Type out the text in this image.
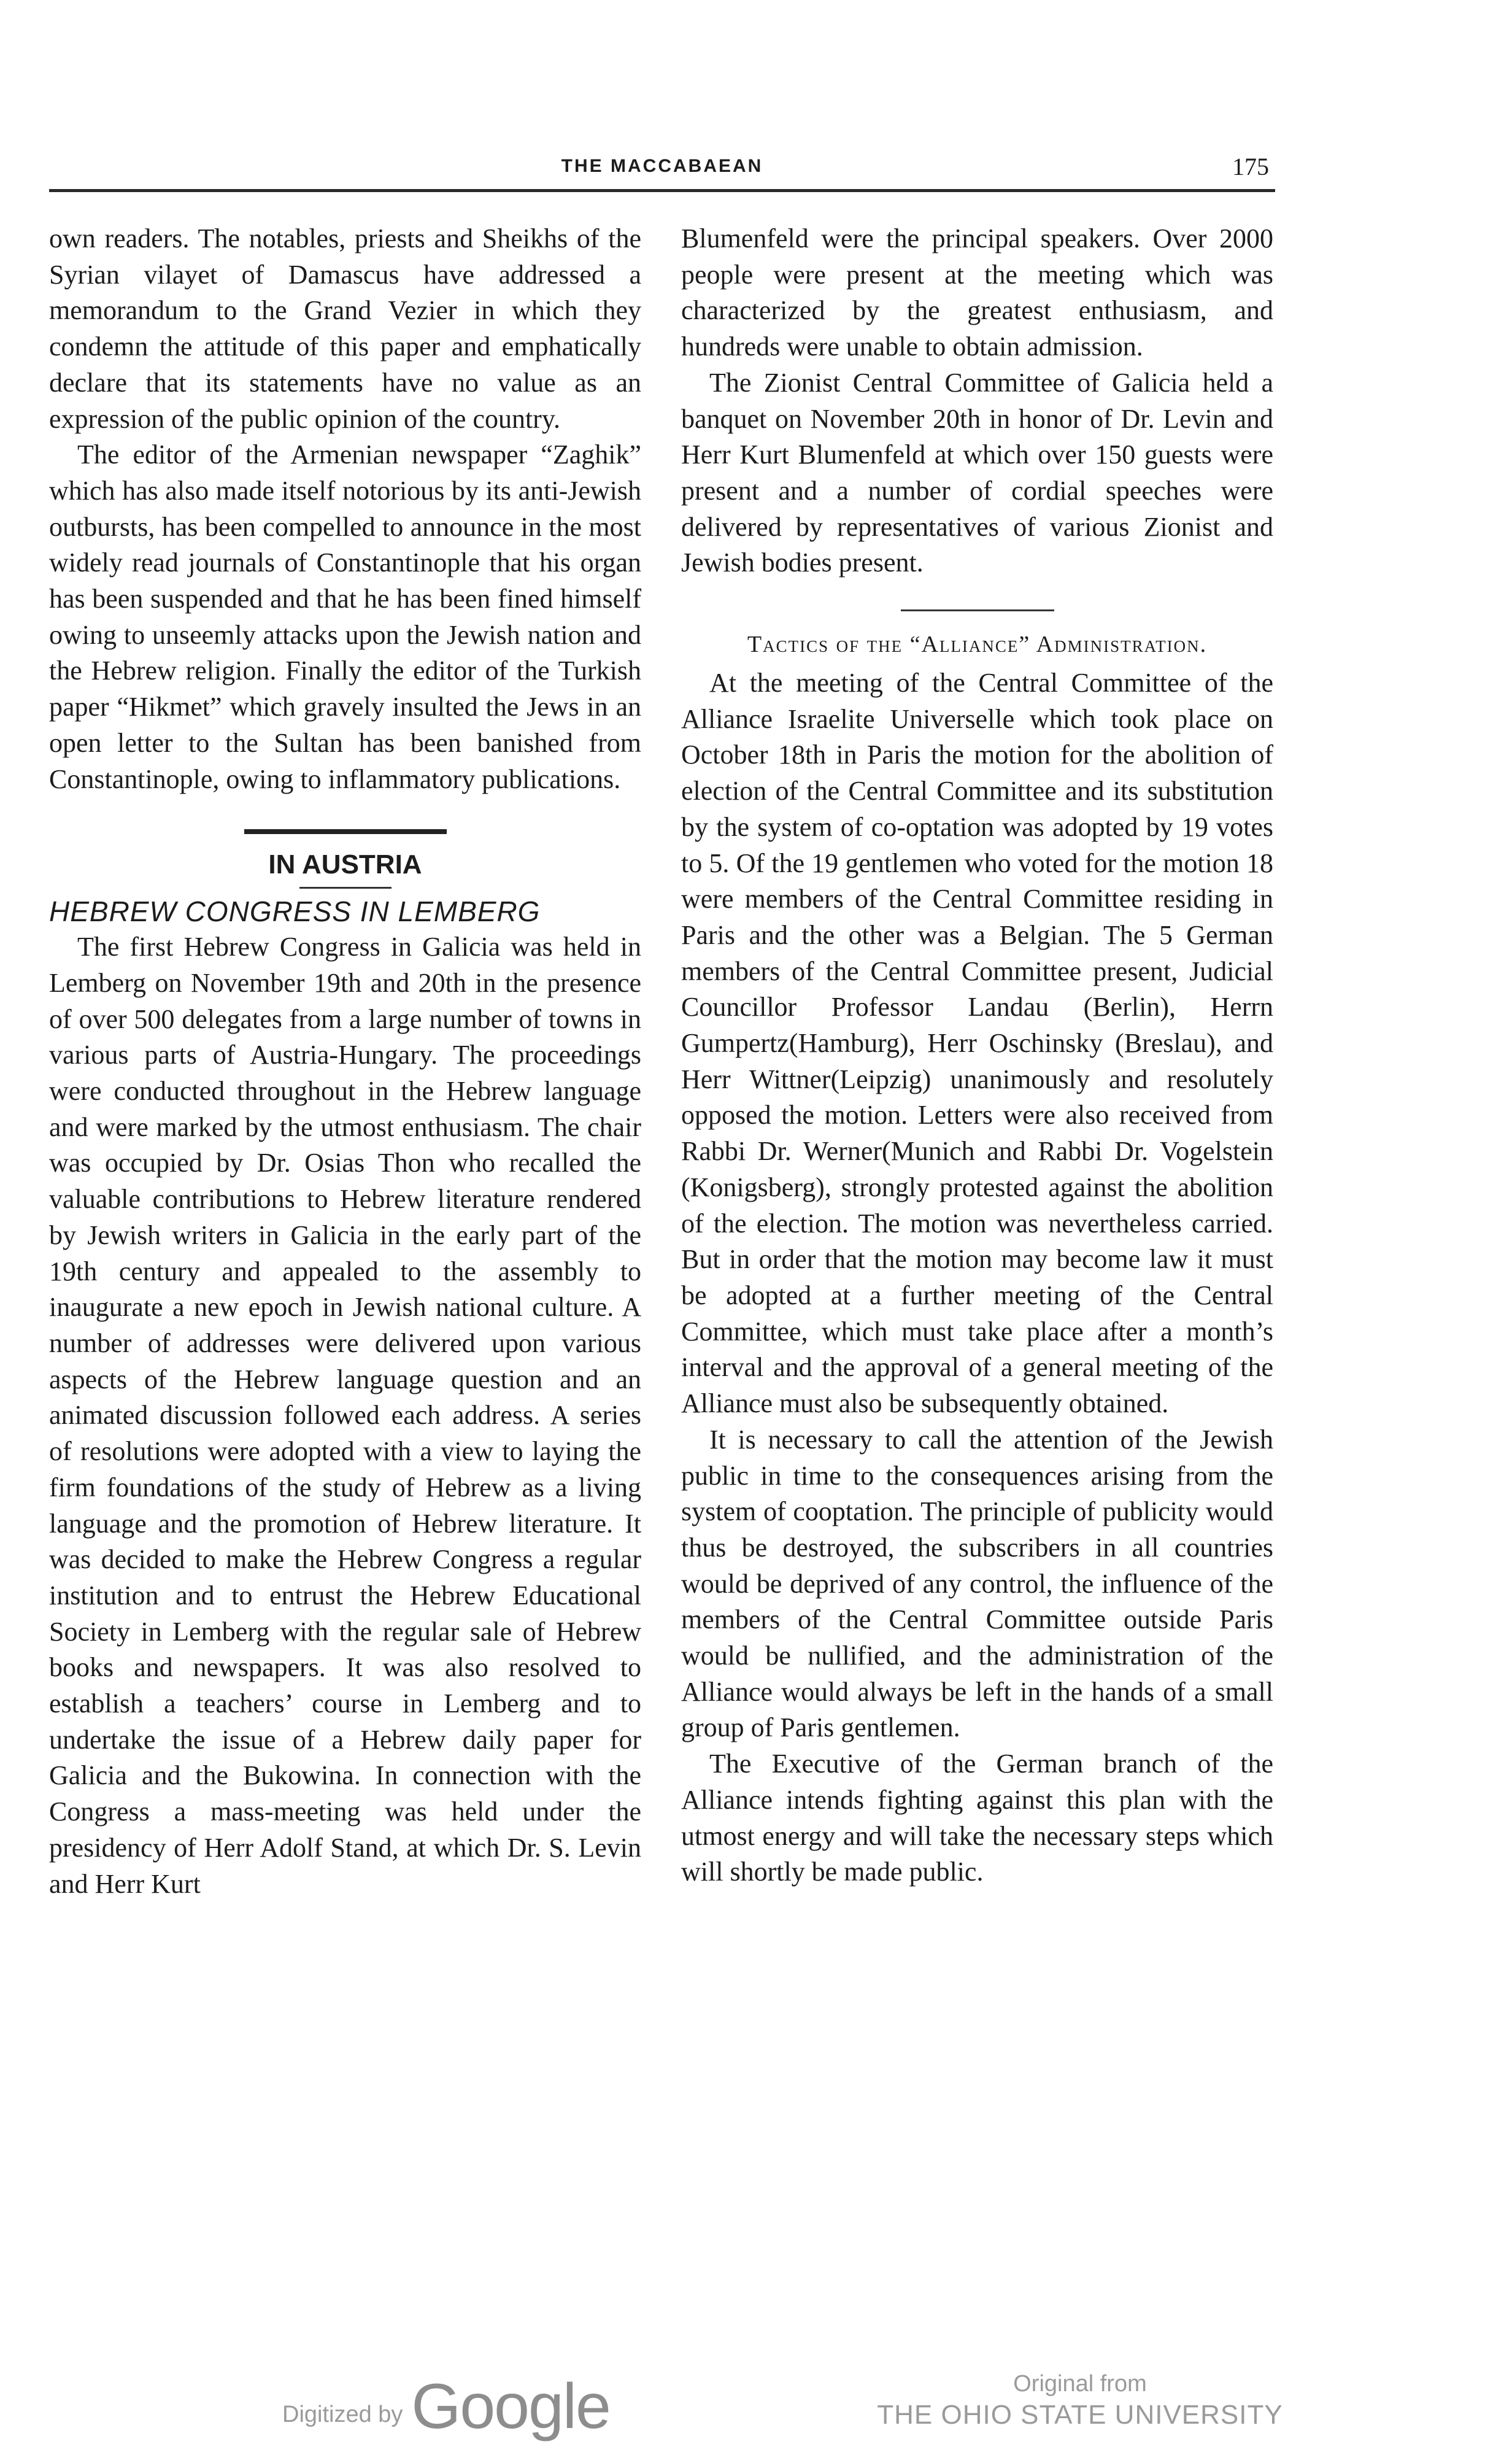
THE MACCABAEAN	175

own readers. The notables, priests and Sheikhs of the Syrian vilayet of Damascus have addressed a memorandum to the Grand Vezier in which they condemn the attitude of this paper and emphatically declare that its statements have no value as an expression of the public opinion of the country.

The editor of the Armenian newspaper “Zaghik” which has also made itself notorious by its anti-Jewish outbursts, has been compelled to announce in the most widely read journals of Constantinople that his organ has been suspended and that he has been fined himself owing to unseemly attacks upon the Jewish nation and the Hebrew religion. Finally the editor of the Turkish paper “Hikmet” which gravely insulted the Jews in an open letter to the Sultan has been banished from Constantinople, owing to inflammatory publications.

IN AUSTRIA
HEBREW CONGRESS IN LEMBERG

The first Hebrew Congress in Galicia was held in Lemberg on November 19th and 20th in the presence of over 500 delegates from a large number of towns in various parts of Austria-Hungary. The proceedings were conducted throughout in the Hebrew language and were marked by the utmost enthusiasm. The chair was occupied by Dr. Osias Thon who recalled the valuable contributions to Hebrew literature rendered by Jewish writers in Galicia in the early part of the 19th century and appealed to the assembly to inaugurate a new epoch in Jewish national culture. A number of addresses were delivered upon various aspects of the Hebrew language question and an animated discussion followed each address. A series of resolutions were adopted with a view to laying the firm foundations of the study of Hebrew as a living language and the promotion of Hebrew literature. It was decided to make the Hebrew Congress a regular institution and to entrust the Hebrew Educational Society in Lemberg with the regular sale of Hebrew books and newspapers. It was also resolved to establish a teachers’ course in Lemberg and to undertake the issue of a Hebrew daily paper for Galicia and the Bukowina. In connection with the Congress a mass-meeting was held under the presidency of Herr Adolf Stand, at which Dr. S. Levin and Herr Kurt

Blumenfeld were the principal speakers. Over 2000 people were present at the meeting which was characterized by the greatest enthusiasm, and hundreds were unable to obtain admission.

The Zionist Central Committee of Galicia held a banquet on November 20th in honor of Dr. Levin and Herr Kurt Blumenfeld at which over 150 guests were present and a number of cordial speeches were delivered by representatives of various Zionist and Jewish bodies present.

Tactics of the “Alliance” Administration.

At the meeting of the Central Committee of the Alliance Israelite Universelle which took place on October 18th in Paris the motion for the abolition of election of the Central Committee and its substitution by the system of co-optation was adopted by 19 votes to 5. Of the 19 gentlemen who voted for the motion 18 were members of the Central Committee residing in Paris and the other was a Belgian. The 5 German members of the Central Committee present, Judicial Councillor Professor Landau (Berlin), Herrn Gumpertz(Hamburg), Herr Oschinsky (Breslau), and Herr Wittner(Leipzig) unanimously and resolutely opposed the motion. Letters were also received from Rabbi Dr. Werner(Munich and Rabbi Dr. Vogelstein (Konigsberg), strongly protested against the abolition of the election. The motion was nevertheless carried. But in order that the motion may become law it must be adopted at a further meeting of the Central Committee, which must take place after a month’s interval and the approval of a general meeting of the Alliance must also be subsequently obtained.

It is necessary to call the attention of the Jewish public in time to the consequences arising from the system of cooptation. The principle of publicity would thus be destroyed, the subscribers in all countries would be deprived of any control, the influence of the members of the Central Committee outside Paris would be nullified, and the administration of the Alliance would always be left in the hands of a small group of Paris gentlemen.

The Executive of the German branch of the Alliance intends fighting against this plan with the utmost energy and will take the necessary steps which will shortly be made public.

Digitized by Google	Original from
THE OHIO STATE UNIVERSITY
